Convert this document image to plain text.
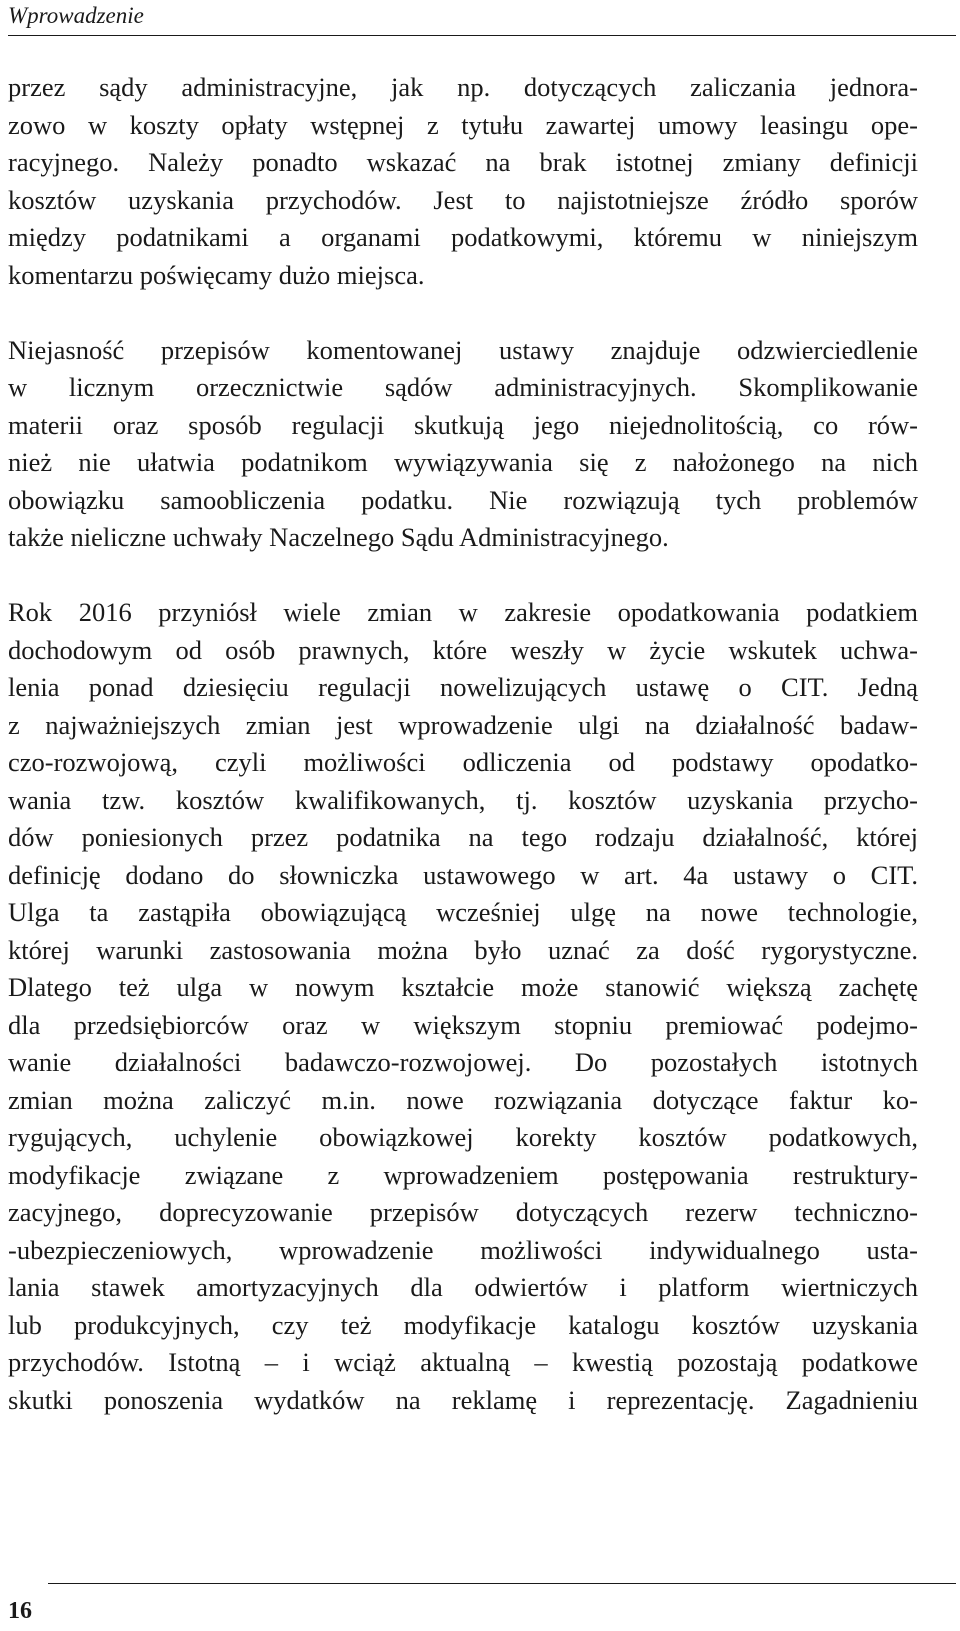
Wprowadzenie
przez sądy administracyjne, jak np. dotyczących zaliczania jednora-
zowo w koszty opłaty wstępnej z tytułu zawartej umowy leasingu ope-
racyjnego. Należy ponadto wskazać na brak istotnej zmiany definicji
kosztów uzyskania przychodów. Jest to najistotniejsze źródło sporów
między podatnikami a organami podatkowymi, któremu w niniejszym
komentarzu poświęcamy dużo miejsca.
Niejasność przepisów komentowanej ustawy znajduje odzwierciedlenie
w licznym orzecznictwie sądów administracyjnych. Skomplikowanie
materii oraz sposób regulacji skutkują jego niejednolitością, co rów-
nież nie ułatwia podatnikom wywiązywania się z nałożonego na nich
obowiązku samoobliczenia podatku. Nie rozwiązują tych problemów
także nieliczne uchwały Naczelnego Sądu Administracyjnego.
Rok 2016 przyniósł wiele zmian w zakresie opodatkowania podatkiem
dochodowym od osób prawnych, które weszły w życie wskutek uchwa-
lenia ponad dziesięciu regulacji nowelizujących ustawę o CIT. Jedną
z najważniejszych zmian jest wprowadzenie ulgi na działalność badaw-
czo-rozwojową, czyli możliwości odliczenia od podstawy opodatko-
wania tzw. kosztów kwalifikowanych, tj. kosztów uzyskania przycho-
dów poniesionych przez podatnika na tego rodzaju działalność, której
definicję dodano do słowniczka ustawowego w art. 4a ustawy o CIT.
Ulga ta zastąpiła obowiązującą wcześniej ulgę na nowe technologie,
której warunki zastosowania można było uznać za dość rygorystyczne.
Dlatego też ulga w nowym kształcie może stanowić większą zachętę
dla przedsiębiorców oraz w większym stopniu premiować podejmo-
wanie działalności badawczo-rozwojowej. Do pozostałych istotnych
zmian można zaliczyć m.in. nowe rozwiązania dotyczące faktur ko-
rygujących, uchylenie obowiązkowej korekty kosztów podatkowych,
modyfikacje związane z wprowadzeniem postępowania restruktury-
zacyjnego, doprecyzowanie przepisów dotyczących rezerw techniczno-
-ubezpieczeniowych, wprowadzenie możliwości indywidualnego usta-
lania stawek amortyzacyjnych dla odwiertów i platform wiertniczych
lub produkcyjnych, czy też modyfikacje katalogu kosztów uzyskania
przychodów. Istotną – i wciąż aktualną – kwestią pozostają podatkowe
skutki ponoszenia wydatków na reklamę i reprezentację. Zagadnieniu
16
